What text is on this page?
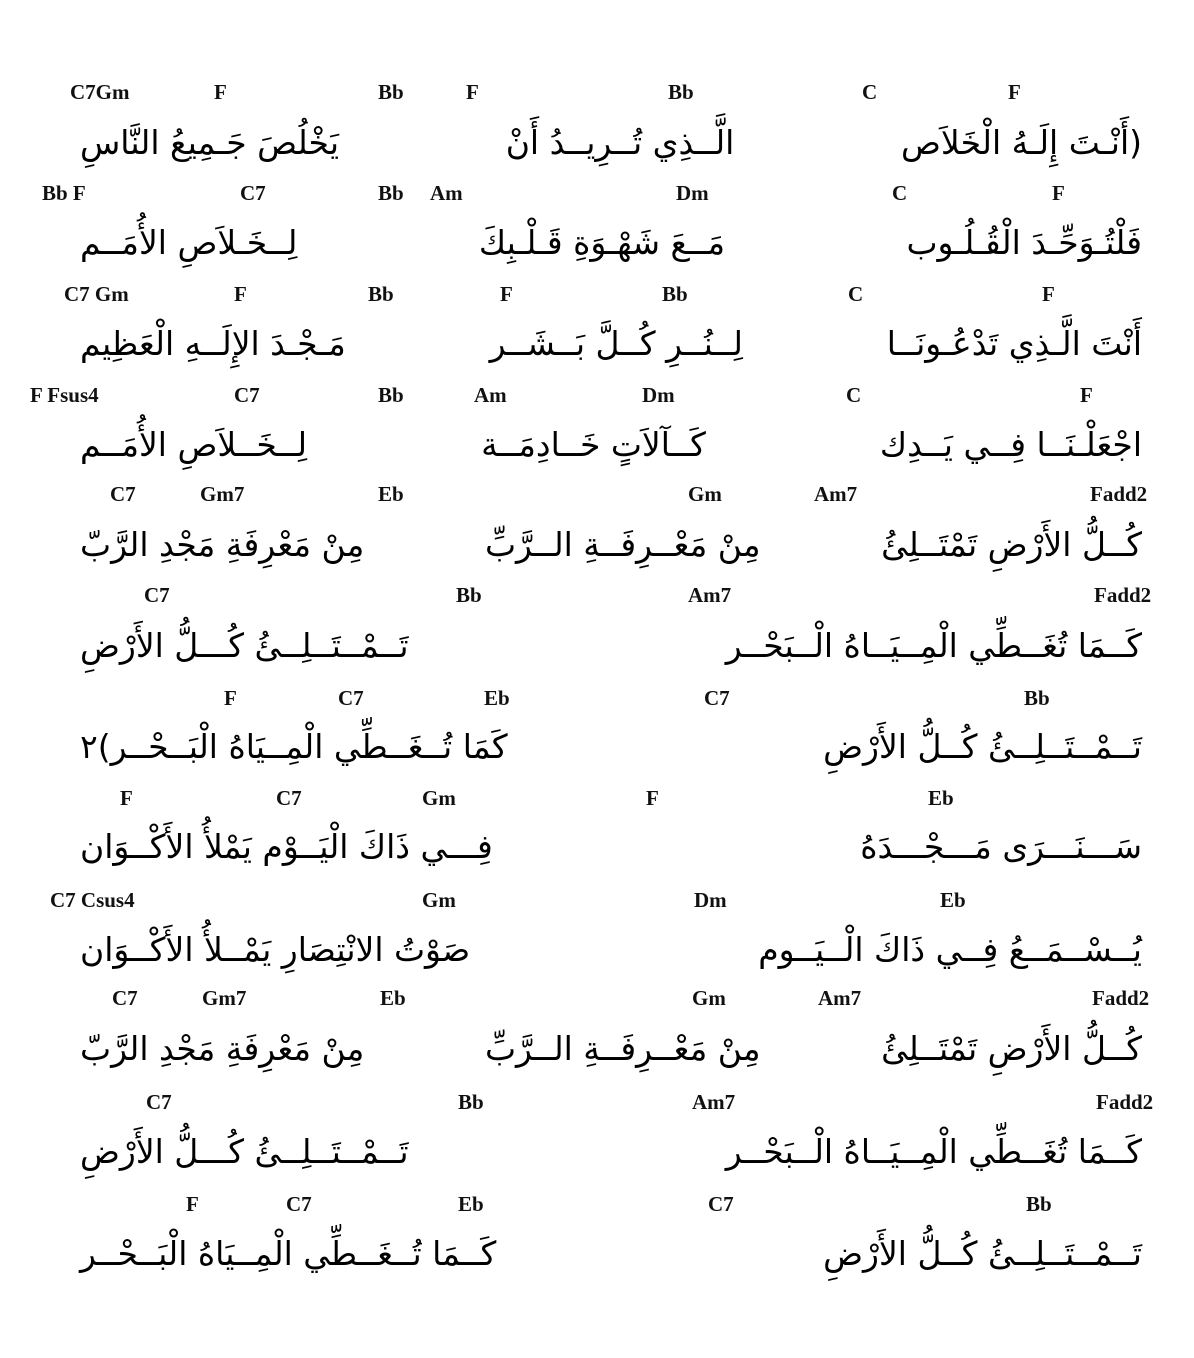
C7Gm	F	Bb	F	Bb	C	F
(أَنْـتَ إِلَـهُ الْخَلاَص
الَّــذِي تُــرِيــدُ أَنْ
يَخْلُصَ جَـمِيعُ النَّاسِ
Bb F	C7	Bb Am	Dm	C	F
فَلْتُـوَحِّـدَ الْقُـلُـوب
مَــعَ شَهْـوَةِ قَـلْـبِكَ
لِــخَـلاَصِ الأُمَــم
C7 Gm	F	Bb	F	Bb	C	F
أَنْتَ الَّـذِي تَدْعُـونَــا
لِــنُــرِ كُــلَّ بَــشَــر
مَـجْـدَ الإِلَــهِ الْعَظِيم
F Fsus4	C7	Bb	Am	Dm	C	F
اجْعَلْـنَــا فِــي يَــدِك
كَــآلاَتٍ خَــادِمَــة
لِــخَــلاَصِ الأُمَــم
C7	Gm7	Eb	Gm	Am7	Fadd2
كُــلُّ الأَرْضِ تَمْتَــلِئُ
مِنْ مَعْــرِفَــةِ الــرَّبِّ
مِنْ مَعْرِفَةِ مَجْدِ الرَّبّ
C7	Bb	Am7	Fadd2
كَــمَا تُغَــطِّي الْمِــيَــاهُ الْــبَحْــر
تَــمْــتَــلِــئُ كُـــلُّ الأَرْضِ
F	C7	Eb	C7	Bb
تَــمْــتَــلِــئُ كُــلُّ الأَرْضِ
كَمَا تُــغَــطِّي الْمِــيَاهُ الْبَــحْــر)٢
F	C7	Gm	F	Eb
سَـــنَـــرَى مَـــجْـــدَهُ
فِـــي ذَاكَ الْيَــوْم يَمْلأُ الأَكْــوَان
C7 Csus4	Gm	Dm	Eb
يُــسْــمَــعُ فِــي ذَاكَ الْــيَــوم
صَوْتُ الانْتِصَارِ يَمْــلأُ الأَكْــوَان
C7	Gm7	Eb	Gm	Am7	Fadd2
كُــلُّ الأَرْضِ تَمْتَــلِئُ
مِنْ مَعْــرِفَــةِ الــرَّبِّ
مِنْ مَعْرِفَةِ مَجْدِ الرَّبّ
C7	Bb	Am7	Fadd2
كَــمَا تُغَــطِّي الْمِــيَــاهُ الْــبَحْــر
تَــمْــتَــلِــئُ كُـــلُّ الأَرْضِ
F	C7	Eb	C7	Bb
تَــمْــتَــلِــئُ كُــلُّ الأَرْضِ
كَــمَا تُــغَــطِّي الْمِــيَاهُ الْبَــحْــر
